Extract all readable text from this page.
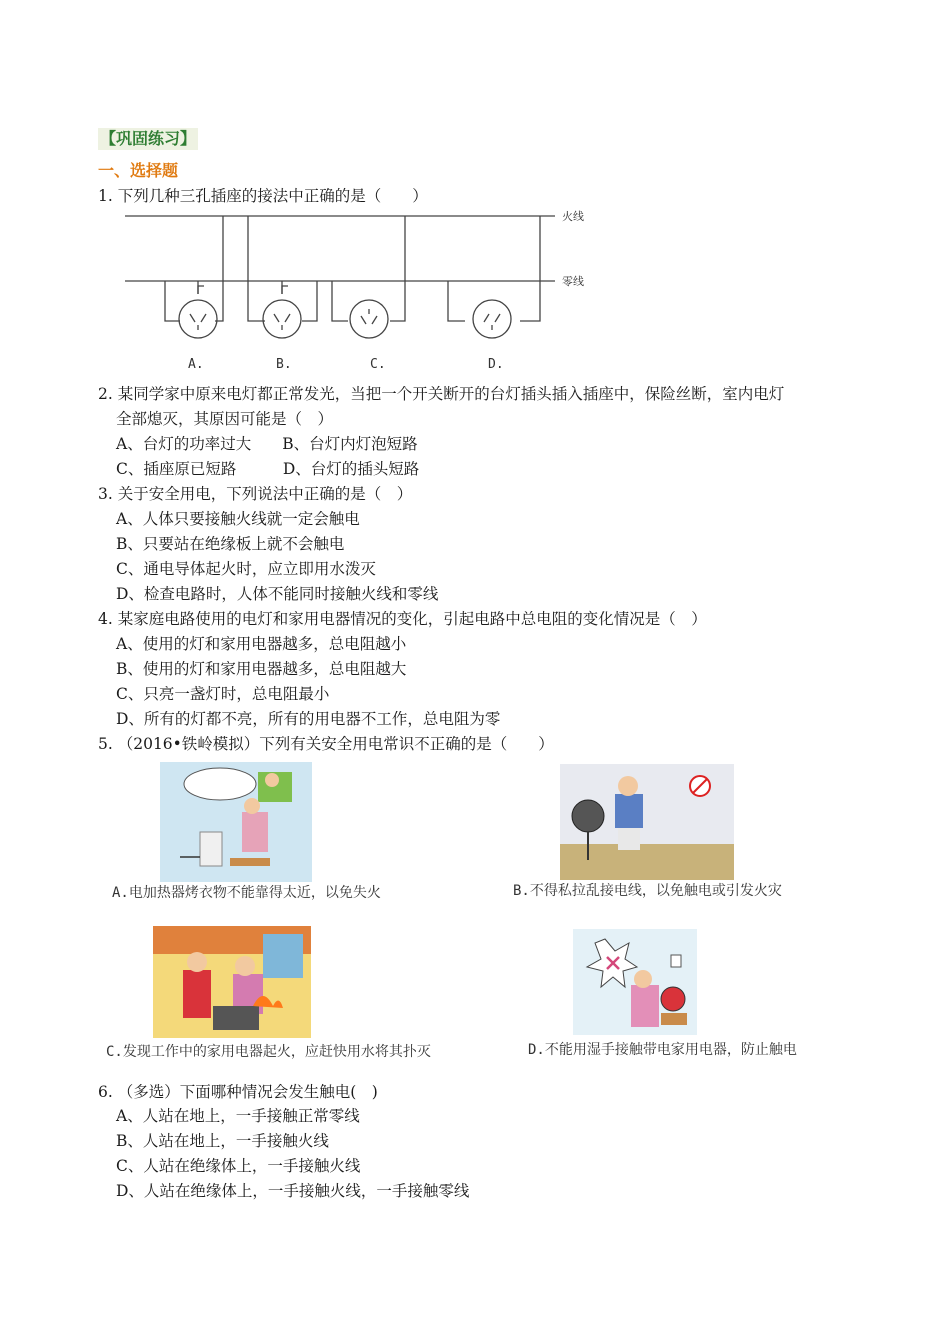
【巩固练习】
一、选择题
1. 下列几种三孔插座的接法中正确的是（　　）
火线
零线
A.	B.	C.	D.
2. 某同学家中原来电灯都正常发光，当把一个开关断开的台灯插头插入插座中，保险丝断，室内电灯
全部熄灭，其原因可能是（　）
A、台灯的功率过大　　B、台灯内灯泡短路
C、插座原已短路　　　D、台灯的插头短路
3. 关于安全用电，下列说法中正确的是（　）
A、人体只要接触火线就一定会触电
B、只要站在绝缘板上就不会触电
C、通电导体起火时，应立即用水泼灭
D、检查电路时，人体不能同时接触火线和零线
4. 某家庭电路使用的电灯和家用电器情况的变化，引起电路中总电阻的变化情况是（　）
A、使用的灯和家用电器越多，总电阻越小
B、使用的灯和家用电器越多，总电阻越大
C、只亮一盏灯时，总电阻最小
D、所有的灯都不亮，所有的用电器不工作，总电阻为零
5. （2016•铁岭模拟）下列有关安全用电常识不正确的是（　　）
A.电加热器烤衣物不能靠得太近，以免失火	B.不得私拉乱接电线，以免触电或引发火灾
C.发现工作中的家用电器起火，应赶快用水将其扑灭	D.不能用湿手接触带电家用电器，防止触电
6. （多选）下面哪种情况会发生触电(　)
A、人站在地上，一手接触正常零线
B、人站在地上，一手接触火线
C、人站在绝缘体上，一手接触火线
D、人站在绝缘体上，一手接触火线，一手接触零线
